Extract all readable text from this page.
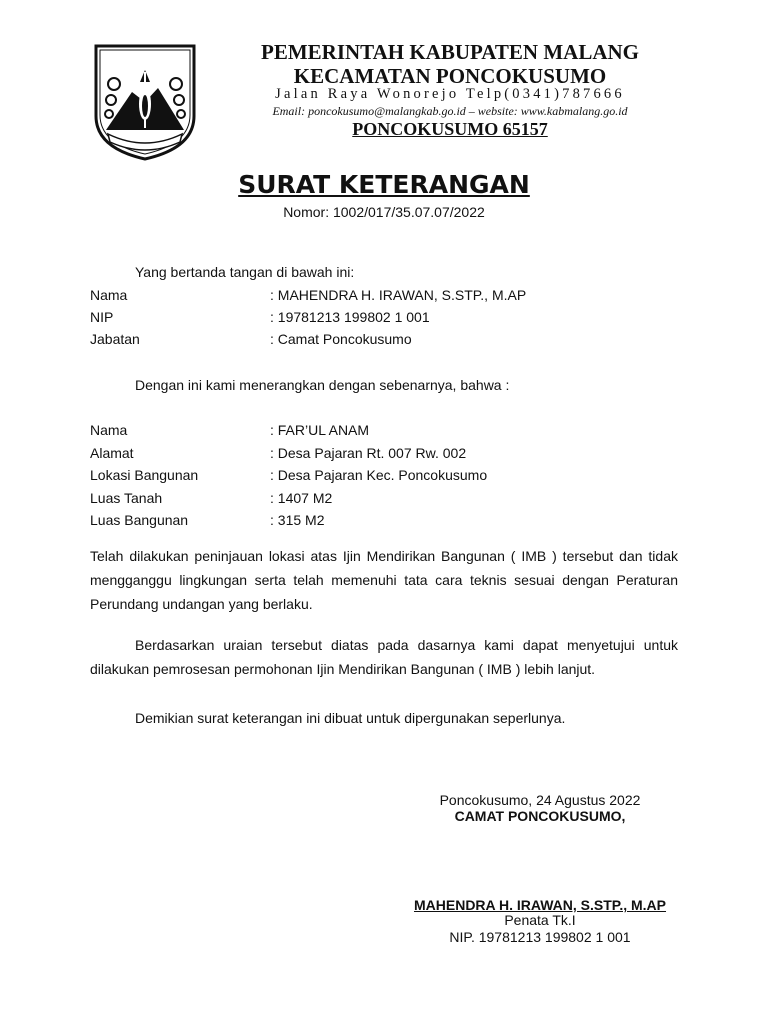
PEMERINTAH KABUPATEN MALANG
KECAMATAN PONCOKUSUMO
Jalan Raya Wonorejo Telp(0341)787666
Email: poncokusumo@malangkab.go.id – website: www.kabmalang.go.id
PONCOKUSUMO 65157
SURAT KETERANGAN
Nomor: 1002/017/35.07.07/2022
Yang bertanda tangan di bawah ini:
Nama	: MAHENDRA H. IRAWAN, S.STP., M.AP
NIP	: 19781213 199802 1 001
Jabatan	: Camat Poncokusumo
Dengan ini kami menerangkan dengan sebenarnya, bahwa :
Nama	: FAR’UL ANAM
Alamat	: Desa Pajaran Rt. 007 Rw. 002
Lokasi Bangunan	: Desa Pajaran Kec. Poncokusumo
Luas Tanah	: 1407 M2
Luas Bangunan	: 315 M2
Telah dilakukan peninjauan lokasi atas Ijin Mendirikan Bangunan ( IMB ) tersebut dan tidak mengganggu lingkungan serta telah memenuhi tata cara teknis sesuai dengan Peraturan Perundang undangan yang berlaku.
Berdasarkan uraian tersebut diatas pada dasarnya kami dapat menyetujui untuk dilakukan pemrosesan permohonan Ijin Mendirikan Bangunan ( IMB ) lebih lanjut.
Demikian surat keterangan ini dibuat untuk dipergunakan seperlunya.
Poncokusumo, 24 Agustus 2022
CAMAT PONCOKUSUMO,
MAHENDRA H. IRAWAN, S.STP., M.AP
Penata Tk.I
NIP. 19781213 199802 1 001
